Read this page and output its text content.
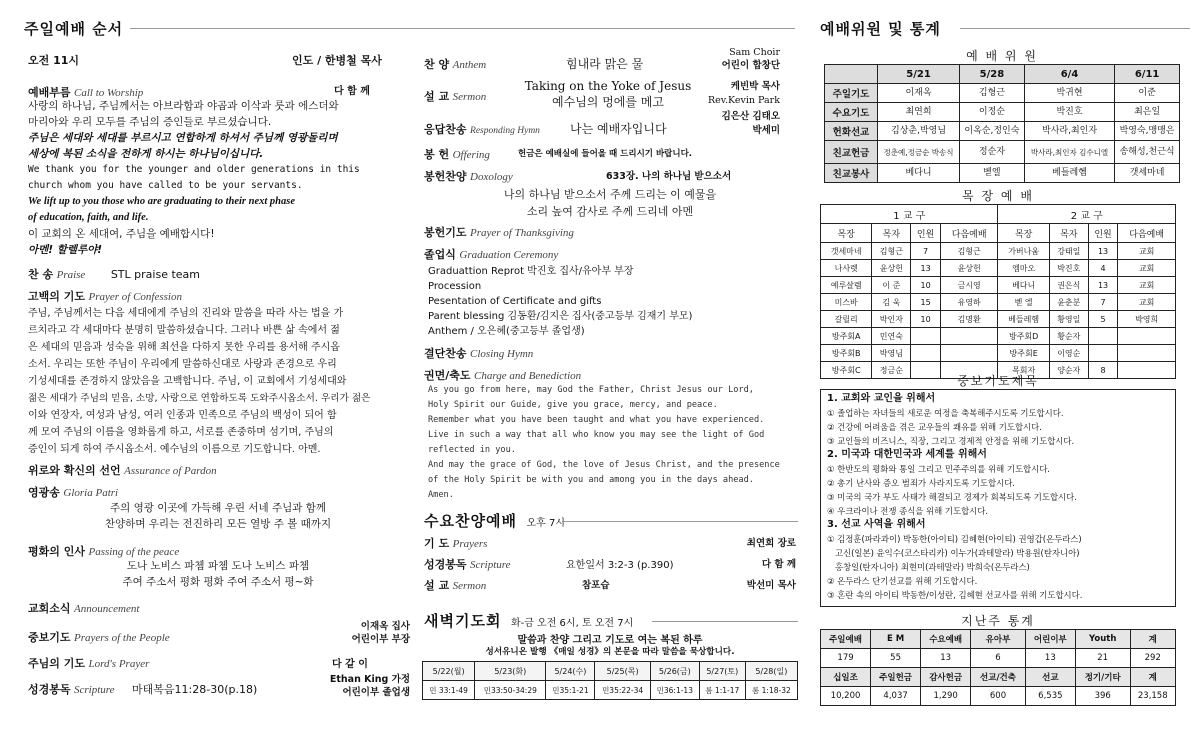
주일예배 순서
오전 11시	인도 / 한병철 목사
예배부름 Call to Worship	다 함 께
사랑의 하나님, 주님께서는 아브라함과 야곱과 이삭과 룻과 에스더와
마리아와 우리 모두를 주님의 증인들로 부르셨습니다.
주님은 세대와 세대를 부르시고 연합하게 하셔서 주님께 영광돌리며
세상에 복된 소식을 전하게 하시는 하나님이십니다.
We thank you for the younger and older generations in this
church whom you have called to be your servants.
We lift up to you those who are graduating to their next phase
of education, faith, and life.
이 교회의 온 세대여, 주님을 예배합시다!
아멘! 할렐루야!
찬 송 Praise STL praise team
고백의 기도 Prayer of Confession
주님, 주님께서는 다음 세대에게 주님의 진리와 말씀을 따라 사는 법을 가
르치라고 각 세대마다 분명히 말씀하셨습니다. 그러나 바쁜 삶 속에서 젊
은 세대의 믿음과 성숙을 위해 최선을 다하지 못한 우리를 용서해 주시옵
소서. 우리는 또한 주님이 우리에게 말씀하신대로 사랑과 존경으로 우리
기성세대를 존경하지 않았음을 고백합니다. 주님, 이 교회에서 기성세대와
젊은 세대가 주님의 믿음, 소망, 사랑으로 연합하도록 도와주시옵소서. 우리가 젊은
이와 연장자, 여성과 남성, 여러 인종과 민족으로 주님의 백성이 되어 함
께 모여 주님의 이름을 영화롭게 하고, 서로를 존중하며 섬기며, 주님의
증인이 되게 하여 주시옵소서. 예수님의 이름으로 기도합니다. 아멘.
위로와 확신의 선언 Assurance of Pardon
영광송 Gloria Patri
주의 영광 이곳에 가득해 우린 서네 주님과 함께
찬양하며 우리는 전진하리 모든 열방 주 볼 때까지
평화의 인사 Passing of the peace
도나 노비스 파쳄 파쳄 도나 노비스 파쳄
주여 주소서 평화 평화 주여 주소서 평~화
교회소식 Announcement
중보기도 Prayers of the People
이재옥 집사
어린이부 부장
주님의 기도 Lord's Prayer	다 같 이
성경봉독 Scripture 마태복음11:28-30(p.18)
Ethan King 가정
어린이부 졸업생
찬 양 Anthem	힘내라 맑은 물
Sam Choir
어린이 합창단
설 교 Sermon
Taking on the Yoke of Jesus
예수님의 멍에를 메고
케빈박 목사
Rev.Kevin Park
응답찬송 Responding Hymn	나는 예배자입니다
김은산 김태오
박세미
봉 헌 Offering	헌금은 예배실에 들어올 때 드리시기 바랍니다.
봉헌찬양 Doxology	633장. 나의 하나님 받으소서
나의 하나님 받으소서 주께 드리는 이 예물을
소리 높여 감사로 주께 드리네 아멘
봉헌기도 Prayer of Thanksgiving
졸업식 Graduation Ceremony
Graduattion Reprot 박진호 집사/유아부 부장
Procession
Pesentation of Certificate and gifts
Parent blessing 김동환/김지은 집사(중고등부 김재기 부모)
Anthem / 오은혜(중고등부 졸업생)
결단찬송 Closing Hymn
권면/축도 Charge and Benediction
As you go from here, may God the Father, Christ Jesus our Lord,
Holy Spirit our Guide, give you grace, mercy, and peace.
Remember what you have been taught and what you have experienced.
Live in such a way that all who know you may see the light of God
reflected in you.
And may the grace of God, the love of Jesus Christ, and the presence
of the Holy Spirit be with you and among you in the days ahead.
Amen.
수요찬양예배 오후 7시
기 도 Prayers	최연희 장로
성경봉독 Scripture	요한일서 3:2-3 (p.390)	다 함 께
설 교 Sermon	참포습	박선미 목사
새벽기도회 화-금 오전 6시, 토 오전 7시
말씀과 찬양 그리고 기도로 여는 복된 하루
성서유니온 발행 《매일 성경》의 본문을 따라 말씀을 묵상합니다.
5/22(월)	5/23(화)	5/24(수)	5/25(목)	5/26(금)	5/27(토)	5/28(일)
민 33:1-49	민33:50-34:29	민35:1-21	민35:22-34	민36:1-13	롬 1:1-17	롬 1:18-32
예배위원 및 통계
예 배 위 원
	5/21	5/28	6/4	6/11
주일기도	이재옥	김형근	박귀현	이준
수요기도	최연희	이정순	박진호	최은일
헌화선교	김상춘,박영님	이옥순,정인숙	박사라,최인자	박영숙,맹맹은
친교헌금	정춘예,정금순 박송식	정순자	박사라,최인자 김수니엘	송해성,천근식
친교봉사	베다니	벧엘	베들레헴	갯세마네
목 장 예 배
1 교 구				2 교 구			
목장	목자	인원	다음예배	목장	목자	인원	다음예배
갯세마네	김형근	7	김형근	가버나움	강태일	13	교회
나사렛	윤상헌	13	윤상헌	엠마오	박진호	4	교회
예루살렘	이 준	10	금시영	베다니	권은식	13	교회
미스바	김 욱	15	유영하	벧 엘	윤춘분	7	교회
갈릴리	박인자	10	김명환	베들레헴	황영일	5	박영희
방주회A	민연숙			방주회D	황순자		
방주회B	박영님			방주회E	이영순		
방주회C	정금순			목회자	양순자	8	
중보기도제목
1. 교회와 교인을 위해서
① 졸업하는 자녀들의 새로운 여정을 축복해주시도록 기도합시다.
② 건강에 어려움을 겪은 교우들의 쾌유를 위해 기도합시다.
③ 교인들의 비즈니스, 직장, 그리고 경제적 안정을 위해 기도합시다.
2. 미국과 대한민국과 세계를 위해서
① 한반도의 평화와 통일 그리고 민주주의를 위해 기도합시다.
② 총기 난사와 증오 범죄가 사라지도록 기도합시다.
③ 미국의 국가 부도 사태가 해결되고 경제가 회복되도록 기도합시다.
④ 우크라이나 전쟁 종식을 위해 기도합시다.
3. 선교 사역을 위해서
① 김정훈(파라과이) 박동한(아이티) 김혜현(아이티) 권영갑(온두라스)
고신(일본) 윤익수(코스타리카) 이누가(과테말라) 박용원(탄자니아)
홍창일(탄자니아) 최현미(과테말라) 박희숙(온두라스)
② 온두라스 단기선교를 위해 기도합시다.
③ 혼란 속의 아이티 박동한/이성란, 김혜현 선교사를 위해 기도합시다.
지난주 통계
주일예배	E M	수요예배	유아부	어린이부	Youth	계
179	55	13	6	13	21	292
십일조	주일헌금	감사헌금	선교/건축	선교	정기/기타	계
10,200	4,037	1,290	600	6,535	396	23,158
